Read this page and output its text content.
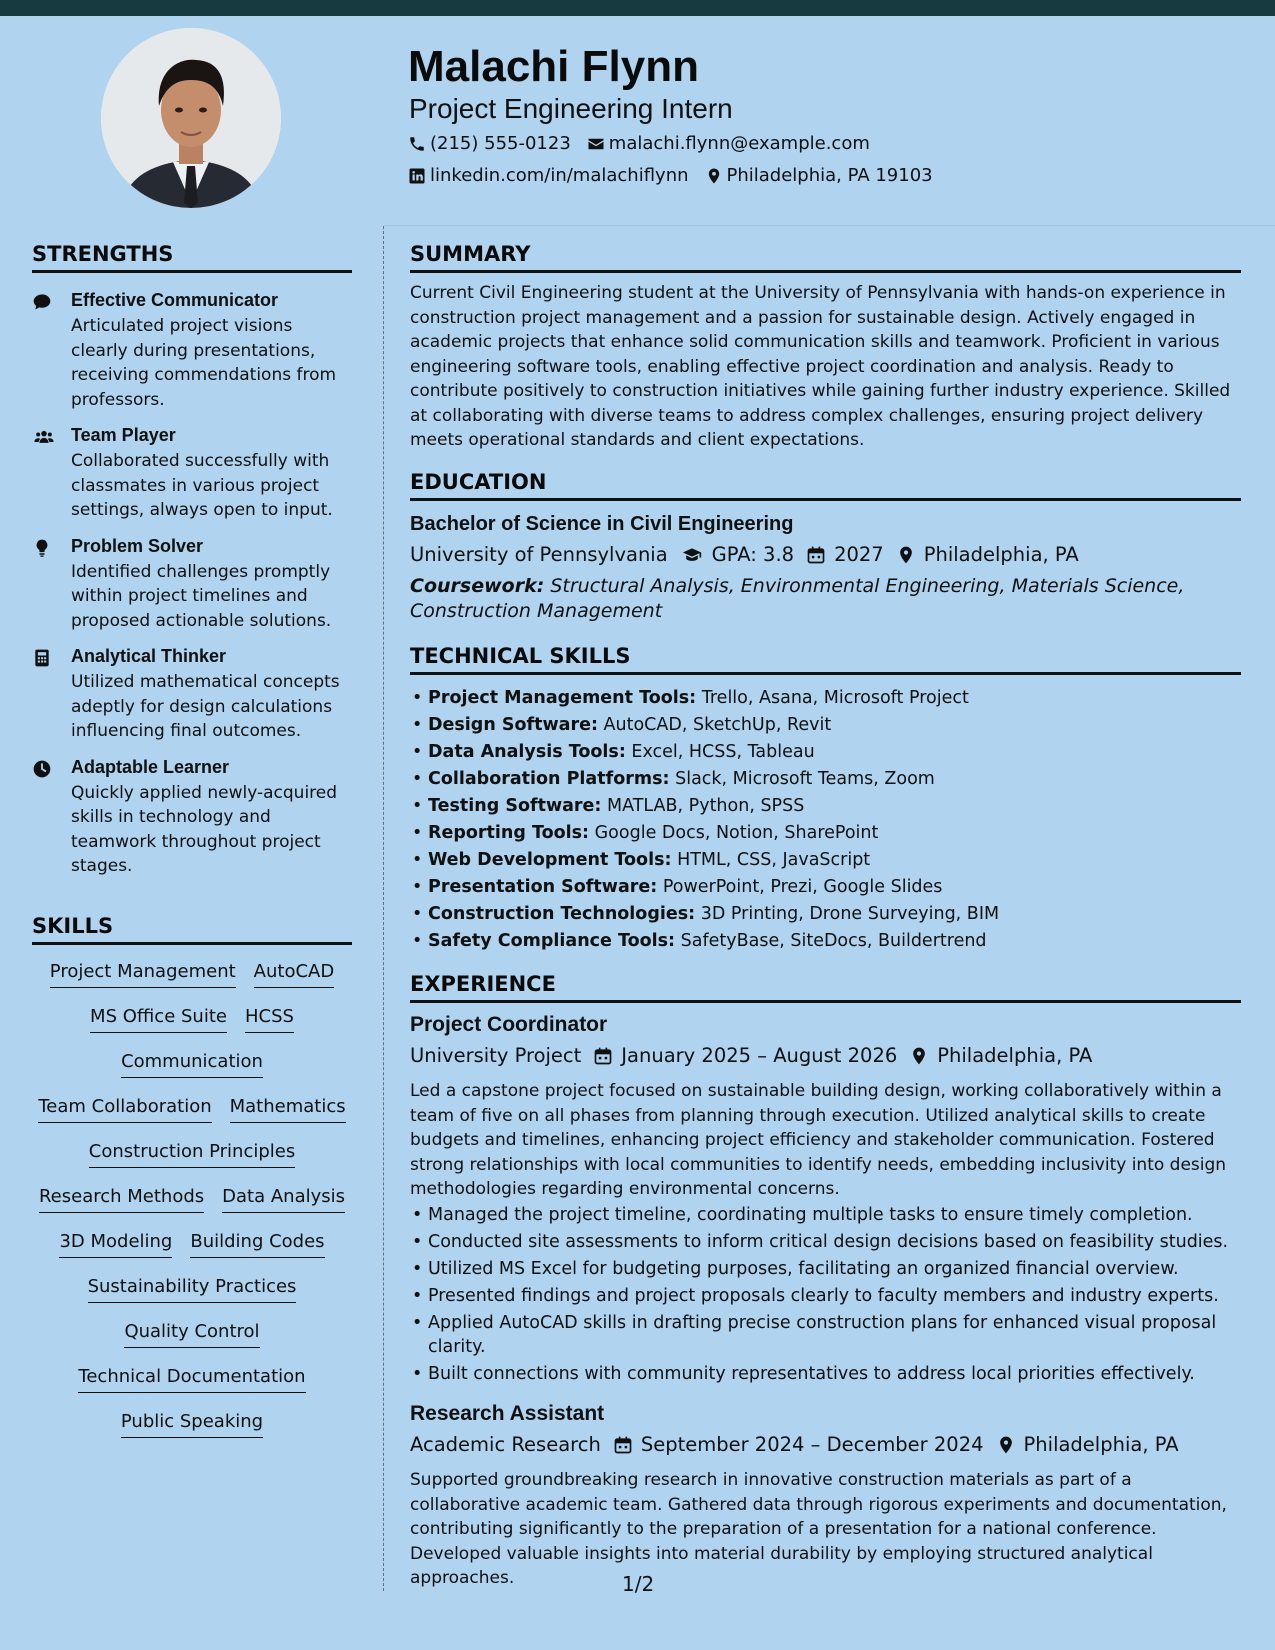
Malachi Flynn
Project Engineering Intern
(215) 555-0123 malachi.flynn@example.com
linkedin.com/in/malachiflynn Philadelphia, PA 19103
STRENGTHS
Effective Communicator
Articulated project visions clearly during presentations, receiving commendations from professors.
Team Player
Collaborated successfully with classmates in various project settings, always open to input.
Problem Solver
Identified challenges promptly within project timelines and proposed actionable solutions.
Analytical Thinker
Utilized mathematical concepts adeptly for design calculations influencing final outcomes.
Adaptable Learner
Quickly applied newly-acquired skills in technology and teamwork throughout project stages.
SKILLS
Project Management AutoCAD
MS Office Suite HCSS
Communication
Team Collaboration Mathematics
Construction Principles
Research Methods Data Analysis
3D Modeling Building Codes
Sustainability Practices
Quality Control
Technical Documentation
Public Speaking
SUMMARY
Current Civil Engineering student at the University of Pennsylvania with hands-on experience in construction project management and a passion for sustainable design. Actively engaged in academic projects that enhance solid communication skills and teamwork. Proficient in various engineering software tools, enabling effective project coordination and analysis. Ready to contribute positively to construction initiatives while gaining further industry experience. Skilled at collaborating with diverse teams to address complex challenges, ensuring project delivery meets operational standards and client expectations.
EDUCATION
Bachelor of Science in Civil Engineering
University of Pennsylvania GPA: 3.8 2027 Philadelphia, PA
Coursework: Structural Analysis, Environmental Engineering, Materials Science, Construction Management
TECHNICAL SKILLS
• Project Management Tools: Trello, Asana, Microsoft Project
• Design Software: AutoCAD, SketchUp, Revit
• Data Analysis Tools: Excel, HCSS, Tableau
• Collaboration Platforms: Slack, Microsoft Teams, Zoom
• Testing Software: MATLAB, Python, SPSS
• Reporting Tools: Google Docs, Notion, SharePoint
• Web Development Tools: HTML, CSS, JavaScript
• Presentation Software: PowerPoint, Prezi, Google Slides
• Construction Technologies: 3D Printing, Drone Surveying, BIM
• Safety Compliance Tools: SafetyBase, SiteDocs, Buildertrend
EXPERIENCE
Project Coordinator
University Project January 2025 – August 2026 Philadelphia, PA
Led a capstone project focused on sustainable building design, working collaboratively within a team of five on all phases from planning through execution. Utilized analytical skills to create budgets and timelines, enhancing project efficiency and stakeholder communication. Fostered strong relationships with local communities to identify needs, embedding inclusivity into design methodologies regarding environmental concerns.
• Managed the project timeline, coordinating multiple tasks to ensure timely completion.
• Conducted site assessments to inform critical design decisions based on feasibility studies.
• Utilized MS Excel for budgeting purposes, facilitating an organized financial overview.
• Presented findings and project proposals clearly to faculty members and industry experts.
• Applied AutoCAD skills in drafting precise construction plans for enhanced visual proposal clarity.
• Built connections with community representatives to address local priorities effectively.
Research Assistant
Academic Research September 2024 – December 2024 Philadelphia, PA
Supported groundbreaking research in innovative construction materials as part of a collaborative academic team. Gathered data through rigorous experiments and documentation, contributing significantly to the preparation of a presentation for a national conference. Developed valuable insights into material durability by employing structured analytical approaches.	1/2
